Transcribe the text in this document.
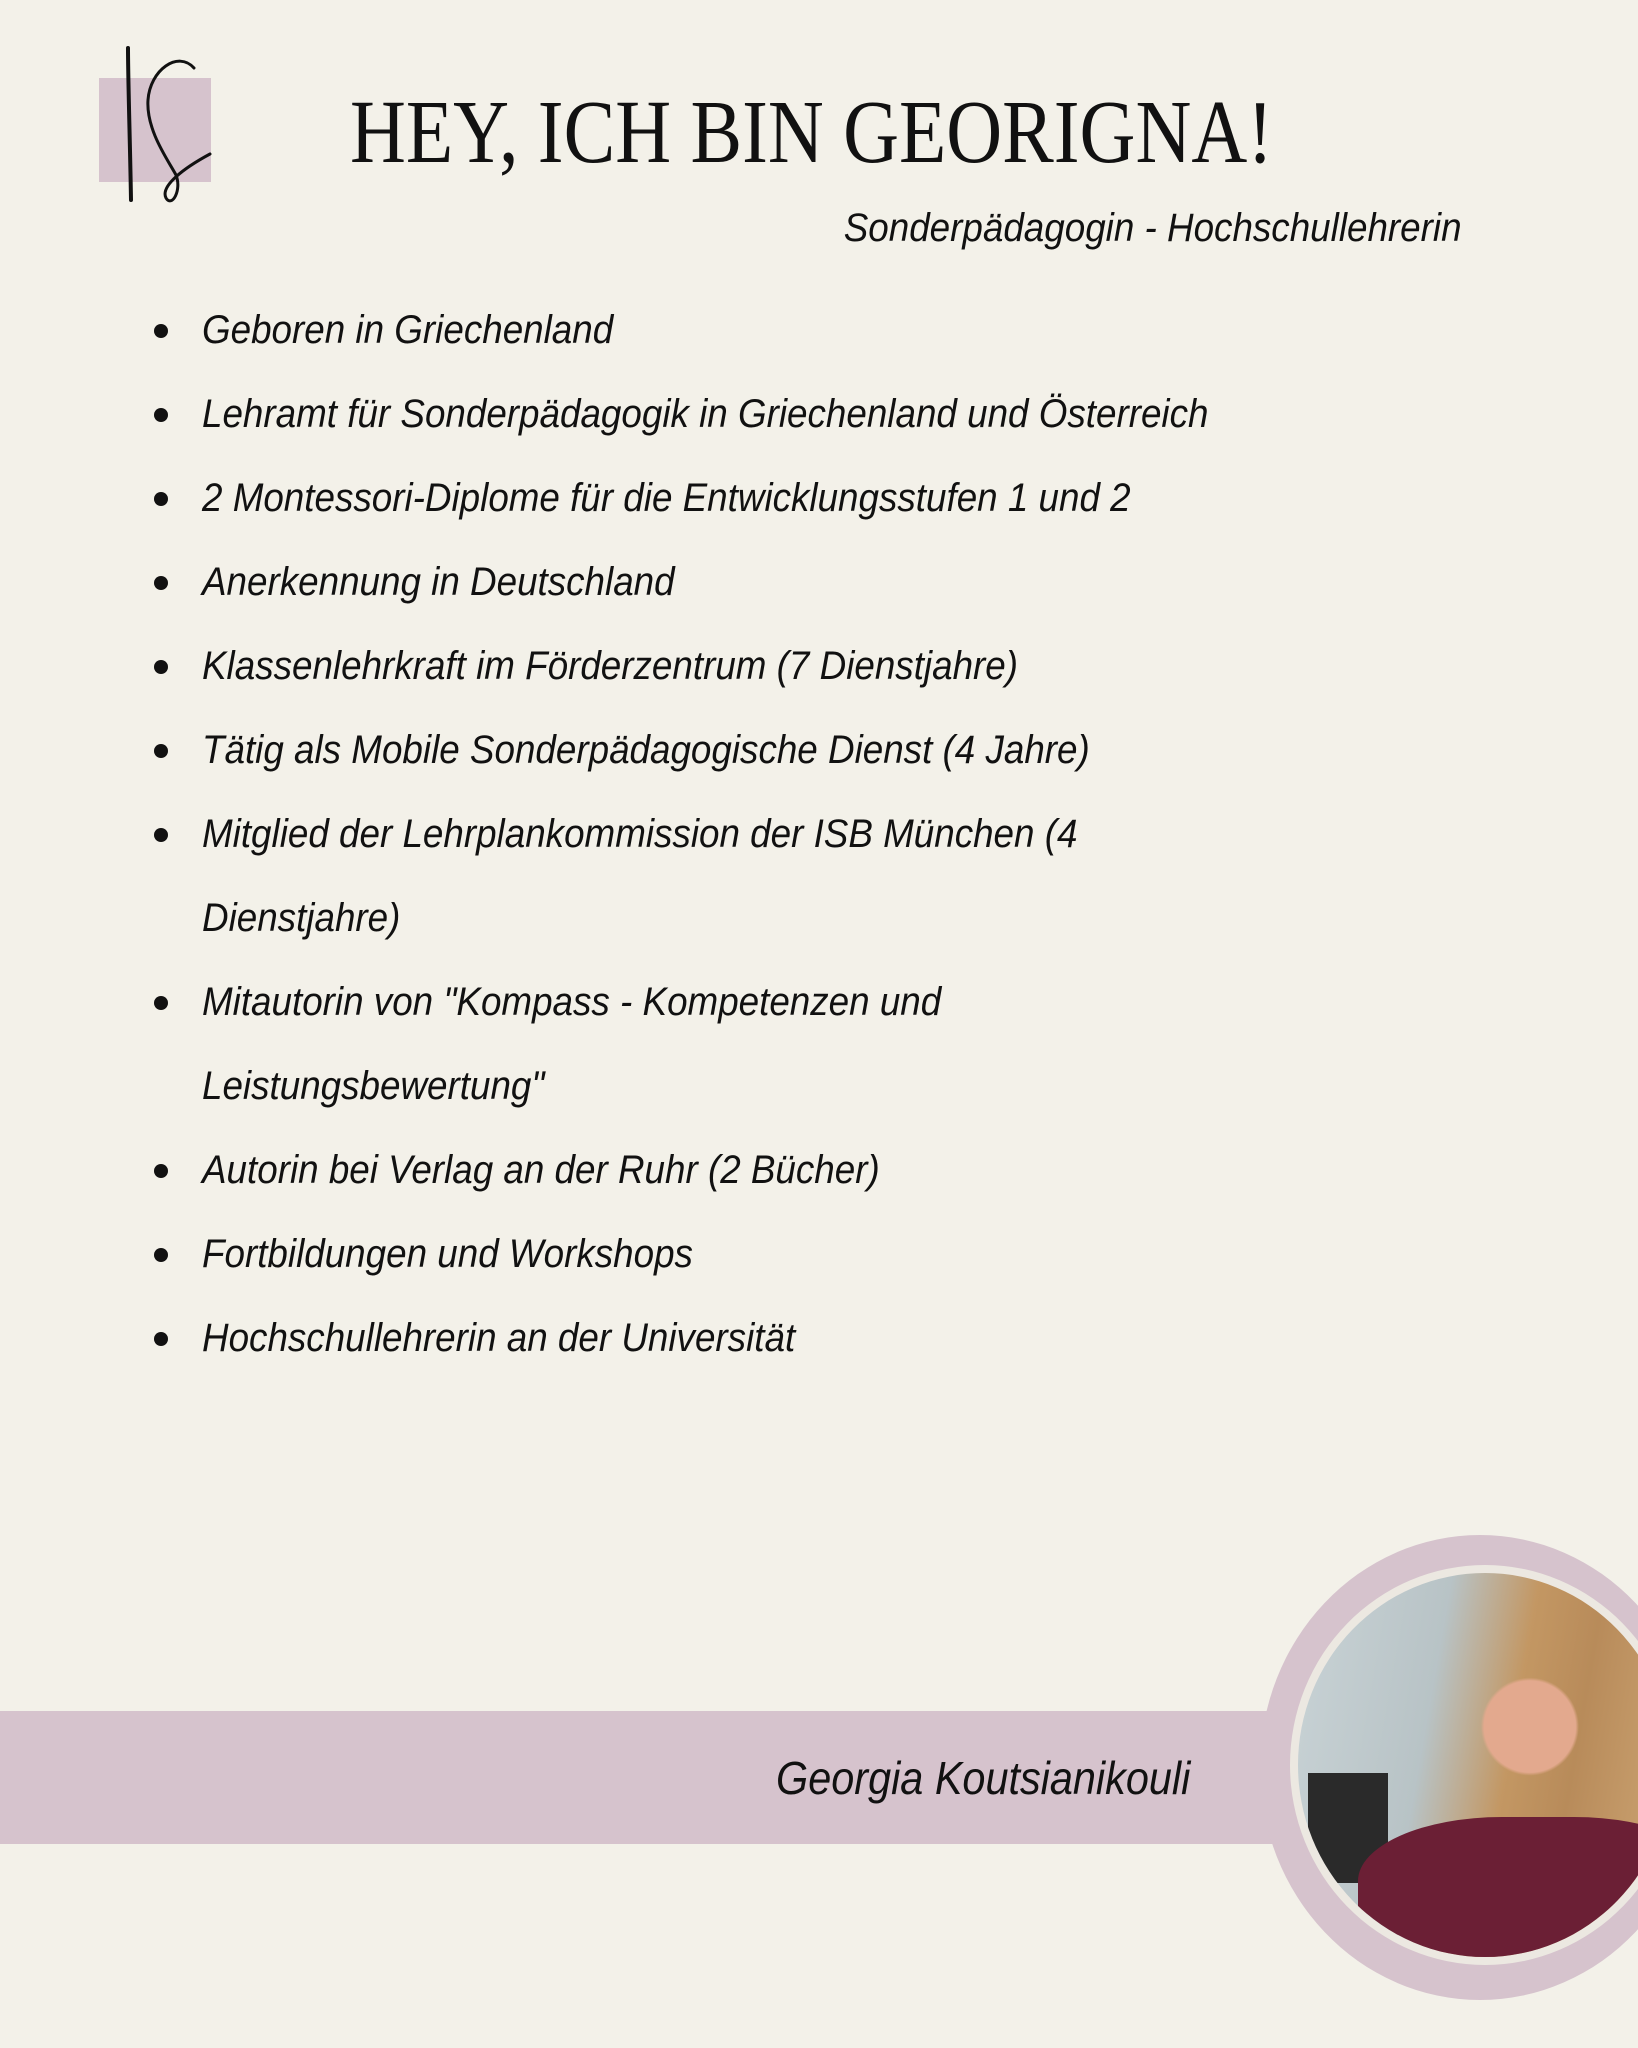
HEY, ICH BIN GEORIGNA!
Sonderpädagogin - Hochschullehrerin
Geboren in Griechenland
Lehramt für Sonderpädagogik in Griechenland und Österreich
2 Montessori-Diplome für die Entwicklungsstufen 1 und 2
Anerkennung in Deutschland
Klassenlehrkraft im Förderzentrum (7 Dienstjahre)
Tätig als Mobile Sonderpädagogische Dienst (4 Jahre)
Mitglied der Lehrplankommission der ISB München (4
Dienstjahre)
Mitautorin von "Kompass - Kompetenzen und
Leistungsbewertung"
Autorin bei Verlag an der Ruhr (2 Bücher)
Fortbildungen und Workshops
Hochschullehrerin an der Universität
Georgia Koutsianikouli
